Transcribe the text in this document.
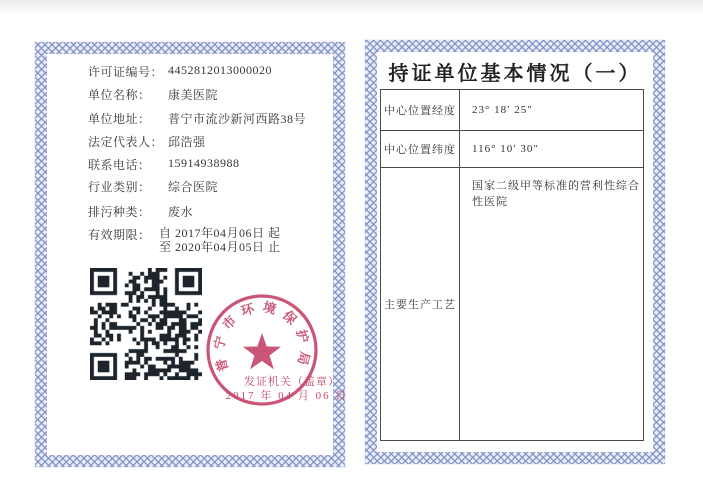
许可证编号： 4452812013000020
单位名称： 康美医院
单位地址： 普宁市流沙新河西路38号
法定代表人： 邱浩强
联系电话： 15914938988
行业类别： 综合医院
排污种类： 废水
有效期限： 自 2017年04月06日 起
至 2020年04月05日 止
普宁市环境保护局
发证机关（盖章）
2017 年 04 月 06 日
持证单位基本情况（一）
中心位置经度	23° 18′ 25″
中心位置纬度	116° 10′ 30″
主要生产工艺
国家二级甲等标准的营利性综合性医院
